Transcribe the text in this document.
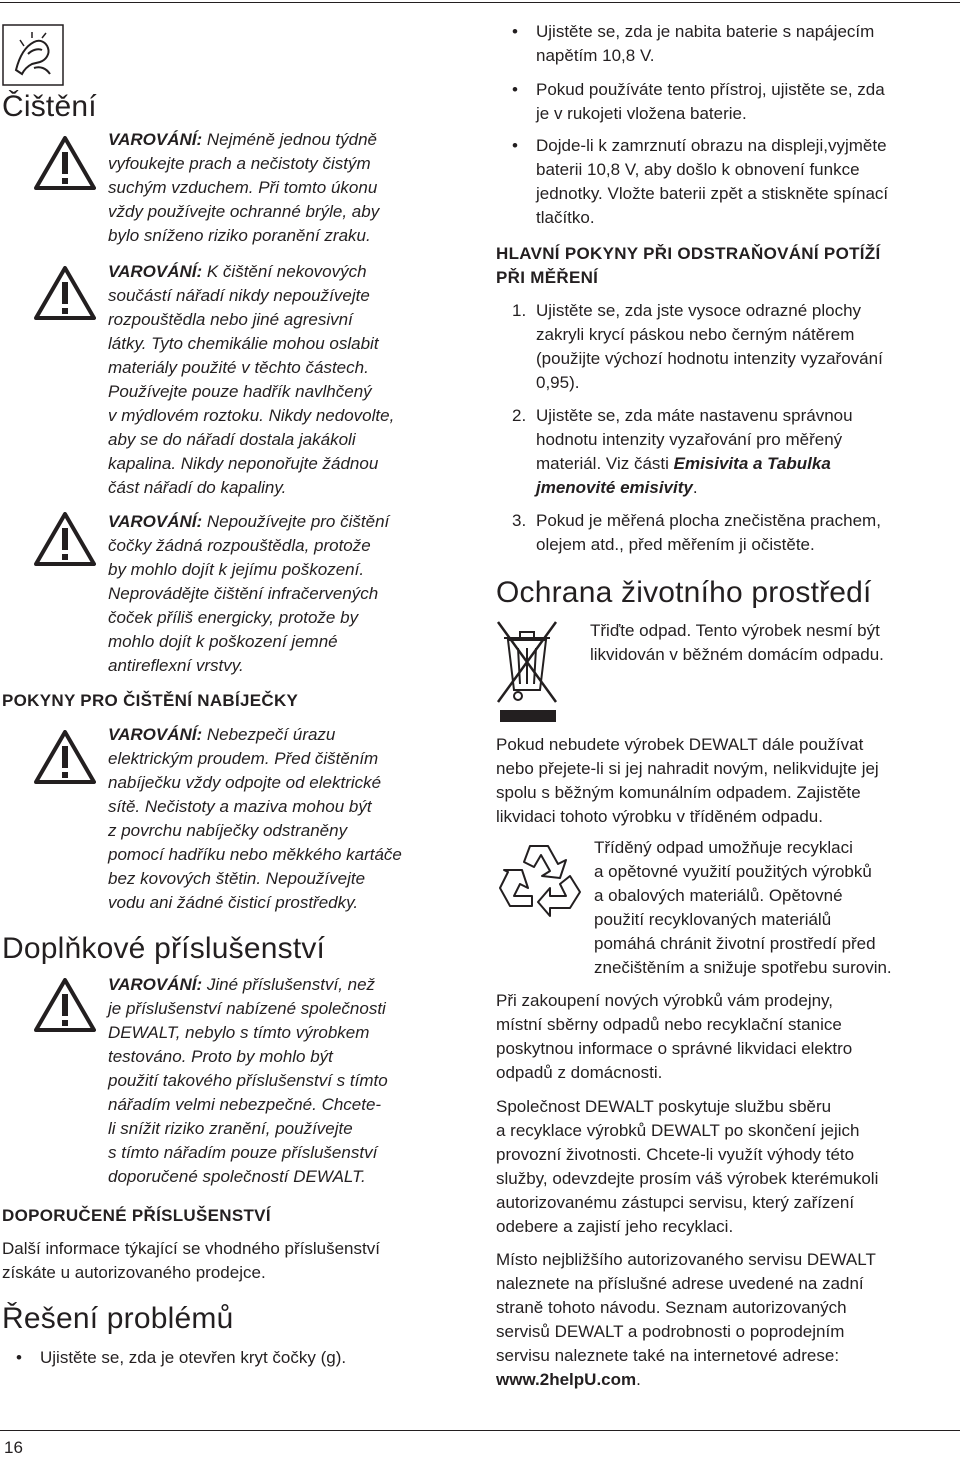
Čištění
VAROVÁNÍ: Nejméně jednou týdně
vyfoukejte prach a nečistoty čistým
suchým vzduchem. Při tomto úkonu
vždy používejte ochranné brýle, aby
bylo sníženo riziko poranění zraku.
VAROVÁNÍ: K čištění nekovových
součástí nářadí nikdy nepoužívejte
rozpouštědla nebo jiné agresivní
látky. Tyto chemikálie mohou oslabit
materiály použité v těchto částech.
Používejte pouze hadřík navlhčený
v mýdlovém roztoku. Nikdy nedovolte,
aby se do nářadí dostala jakákoli
kapalina. Nikdy neponořujte žádnou
část nářadí do kapaliny.
VAROVÁNÍ: Nepoužívejte pro čištění
čočky žádná rozpouštědla, protože
by mohlo dojít k jejímu poškození.
Neprovádějte čištění infračervených
čoček příliš energicky, protože by
mohlo dojít k poškození jemné
antireflexní vrstvy.
POKYNY PRO ČIŠTĚNÍ NABÍJEČKY
VAROVÁNÍ: Nebezpečí úrazu
elektrickým proudem. Před čištěním
nabíječku vždy odpojte od elektrické
sítě. Nečistoty a maziva mohou být
z povrchu nabíječky odstraněny
pomocí hadříku nebo měkkého kartáče
bez kovových štětin. Nepoužívejte
vodu ani žádné čisticí prostředky.
Doplňkové příslušenství
VAROVÁNÍ: Jiné příslušenství, než
je příslušenství nabízené společnosti
DEWALT, nebylo s tímto výrobkem
testováno. Proto by mohlo být
použití takového příslušenství s tímto
nářadím velmi nebezpečné. Chcete-
li snížit riziko zranění, používejte
s tímto nářadím pouze příslušenství
doporučené společností DEWALT.
DOPORUČENÉ PŘÍSLUŠENSTVÍ
Další informace týkající se vhodného příslušenství
získáte u autorizovaného prodejce.
Řešení problémů
• Ujistěte se, zda je otevřen kryt čočky (g).
• Ujistěte se, zda je nabita baterie s napájecím
napětím 10,8 V.
• Pokud používáte tento přístroj, ujistěte se, zda
je v rukojeti vložena baterie.
• Dojde-li k zamrznutí obrazu na displeji,vyjměte
baterii 10,8 V, aby došlo k obnovení funkce
jednotky. Vložte baterii zpět a stiskněte spínací
tlačítko.
HLAVNÍ POKYNY PŘI ODSTRAŇOVÁNÍ POTÍŽÍ
PŘI MĚŘENÍ
1. Ujistěte se, zda jste vysoce odrazné plochy
zakryli krycí páskou nebo černým nátěrem
(použijte výchozí hodnotu intenzity vyzařování
0,95).
2. Ujistěte se, zda máte nastavenu správnou
hodnotu intenzity vyzařování pro měřený
materiál. Viz části Emisivita a Tabulka
jmenovité emisivity.
3. Pokud je měřená plocha znečistěna prachem,
olejem atd., před měřením ji očistěte.
Ochrana životního prostředí
Třiďte odpad. Tento výrobek nesmí být
likvidován v běžném domácím odpadu.
Pokud nebudete výrobek DEWALT dále používat
nebo přejete-li si jej nahradit novým, nelikvidujte jej
spolu s běžným komunálním odpadem. Zajistěte
likvidaci tohoto výrobku v tříděném odpadu.
Tříděný odpad umožňuje recyklaci
a opětovné využití použitých výrobků
a obalových materiálů. Opětovné
použití recyklovaných materiálů
pomáhá chránit životní prostředí před
znečištěním a snižuje spotřebu surovin.
Při zakoupení nových výrobků vám prodejny,
místní sběrny odpadů nebo recyklační stanice
poskytnou informace o správné likvidaci elektro
odpadů z domácnosti.
Společnost DEWALT poskytuje službu sběru
a recyklace výrobků DEWALT po skončení jejich
provozní životnosti. Chcete-li využít výhody této
služby, odevzdejte prosím váš výrobek kterémukoli
autorizovanému zástupci servisu, který zařízení
odebere a zajistí jeho recyklaci.
Místo nejbližšího autorizovaného servisu DEWALT
naleznete na příslušné adrese uvedené na zadní
straně tohoto návodu. Seznam autorizovaných
servisů DEWALT a podrobnosti o poprodejním
servisu naleznete také na internetové adrese:
www.2helpU.com.
16
